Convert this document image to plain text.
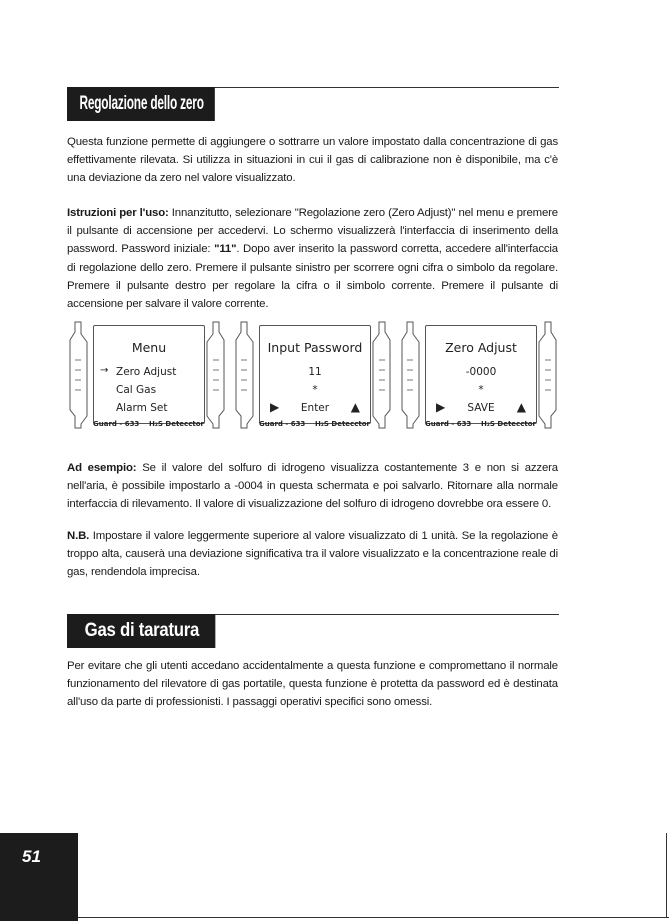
Regolazione dello zero

Questa funzione permette di aggiungere o sottrarre un valore impostato dalla concentrazione di gas effettivamente rilevata. Si utilizza in situazioni in cui il gas di calibrazione non è disponibile, ma c'è una deviazione da zero nel valore visualizzato.

Istruzioni per l'uso: Innanzitutto, selezionare "Regolazione zero (Zero Adjust)" nel menu e premere il pulsante di accensione per accedervi. Lo schermo visualizzerà l'interfaccia di inserimento della password. Password iniziale: "11". Dopo aver inserito la password corretta, accedere all'interfaccia di regolazione dello zero. Premere il pulsante sinistro per scorrere ogni cifra o simbolo da regolare. Premere il pulsante destro per regolare la cifra o il simbolo corrente. Premere il pulsante di accensione per salvare il valore corrente.

Menu
→ Zero Adjust
Cal Gas
Alarm Set
Guard - 633 H₂S Detecctor
Input Password
11
*
▶	Enter	▲
Guard - 633 H₂S Detecctor
Zero Adjust
-0000
*
▶	SAVE	▲
Guard - 633 H₂S Detecctor

Ad esempio: Se il valore del solfuro di idrogeno visualizza costantemente 3 e non si azzera nell'aria, è possibile impostarlo a -0004 in questa schermata e poi salvarlo. Ritornare alla normale interfaccia di rilevamento. Il valore di visualizzazione del solfuro di idrogeno dovrebbe ora essere 0.

N.B. Impostare il valore leggermente superiore al valore visualizzato di 1 unità. Se la regolazione è troppo alta, causerà una deviazione significativa tra il valore visualizzato e la concentrazione reale di gas, rendendola imprecisa.

Gas di taratura

Per evitare che gli utenti accedano accidentalmente a questa funzione e compromettano il normale funzionamento del rilevatore di gas portatile, questa funzione è protetta da password ed è destinata all'uso da parte di professionisti. I passaggi operativi specifici sono omessi.

51
